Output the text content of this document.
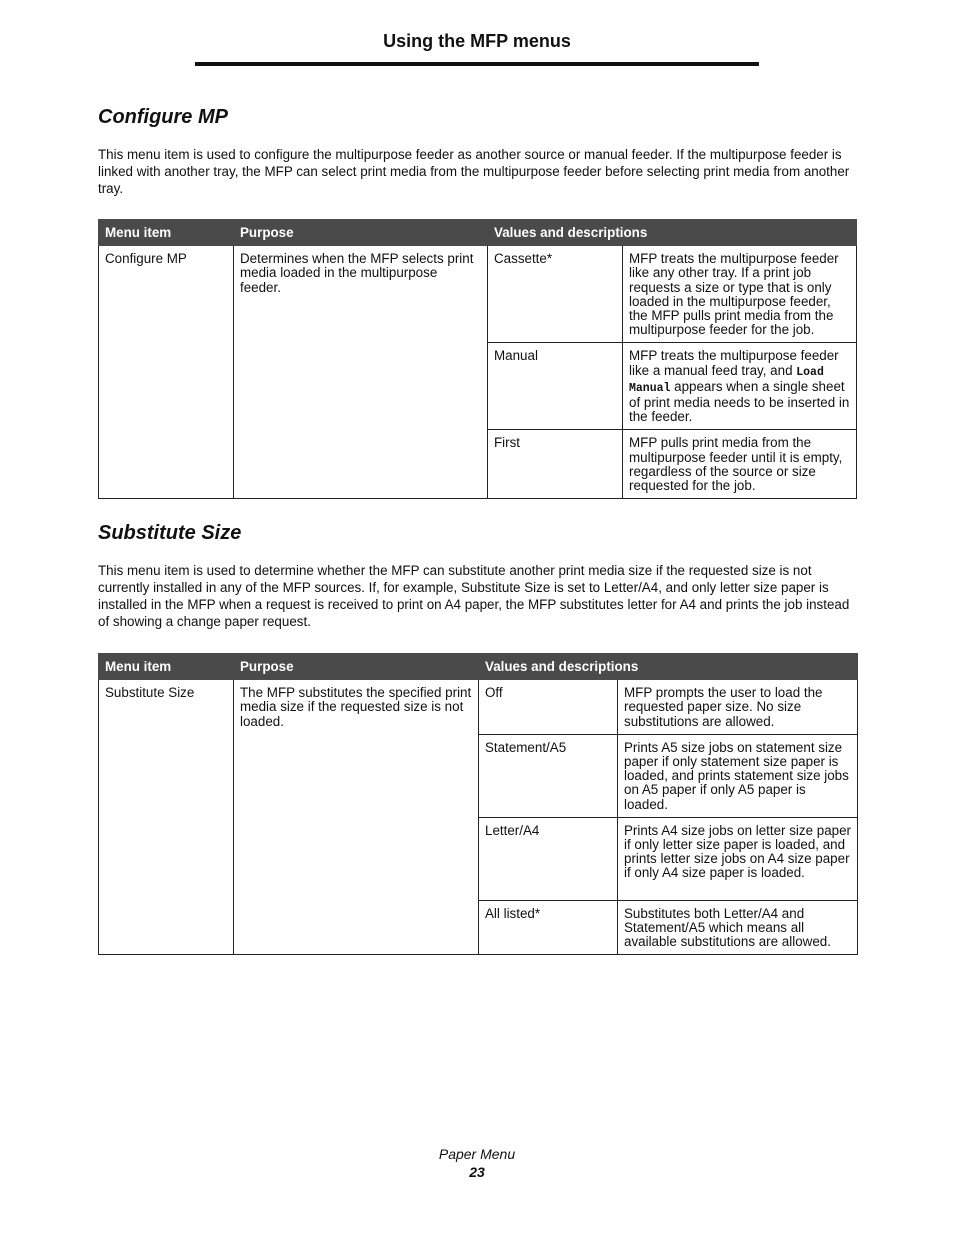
Using the MFP menus
Configure MP

This menu item is used to configure the multipurpose feeder as another source or manual feeder. If the multipurpose feeder is linked with another tray, the MFP can select print media from the multipurpose feeder before selecting print media from another tray.

Menu item	Purpose	Values and descriptions	
Configure MP	Determines when the MFP selects print media loaded in the multipurpose feeder.	Cassette*	MFP treats the multipurpose feeder like any other tray. If a print job requests a size or type that is only loaded in the multipurpose feeder, the MFP pulls print media from the multipurpose feeder for the job.
		Manual	MFP treats the multipurpose feeder like a manual feed tray, and Load Manual appears when a single sheet of print media needs to be inserted in the feeder.
		First	MFP pulls print media from the multipurpose feeder until it is empty, regardless of the source or size requested for the job.
Substitute Size

This menu item is used to determine whether the MFP can substitute another print media size if the requested size is not currently installed in any of the MFP sources. If, for example, Substitute Size is set to Letter/A4, and only letter size paper is installed in the MFP when a request is received to print on A4 paper, the MFP substitutes letter for A4 and prints the job instead of showing a change paper request.

Menu item	Purpose	Values and descriptions	
Substitute Size	The MFP substitutes the specified print media size if the requested size is not loaded.	Off	MFP prompts the user to load the requested paper size. No size substitutions are allowed.
		Statement/A5	Prints A5 size jobs on statement size paper if only statement size paper is loaded, and prints statement size jobs on A5 paper if only A5 paper is loaded.
		Letter/A4	Prints A4 size jobs on letter size paper if only letter size paper is loaded, and prints letter size jobs on A4 size paper if only A4 size paper is loaded.
		All listed*	Substitutes both Letter/A4 and Statement/A5 which means all available substitutions are allowed.
Paper Menu
23
